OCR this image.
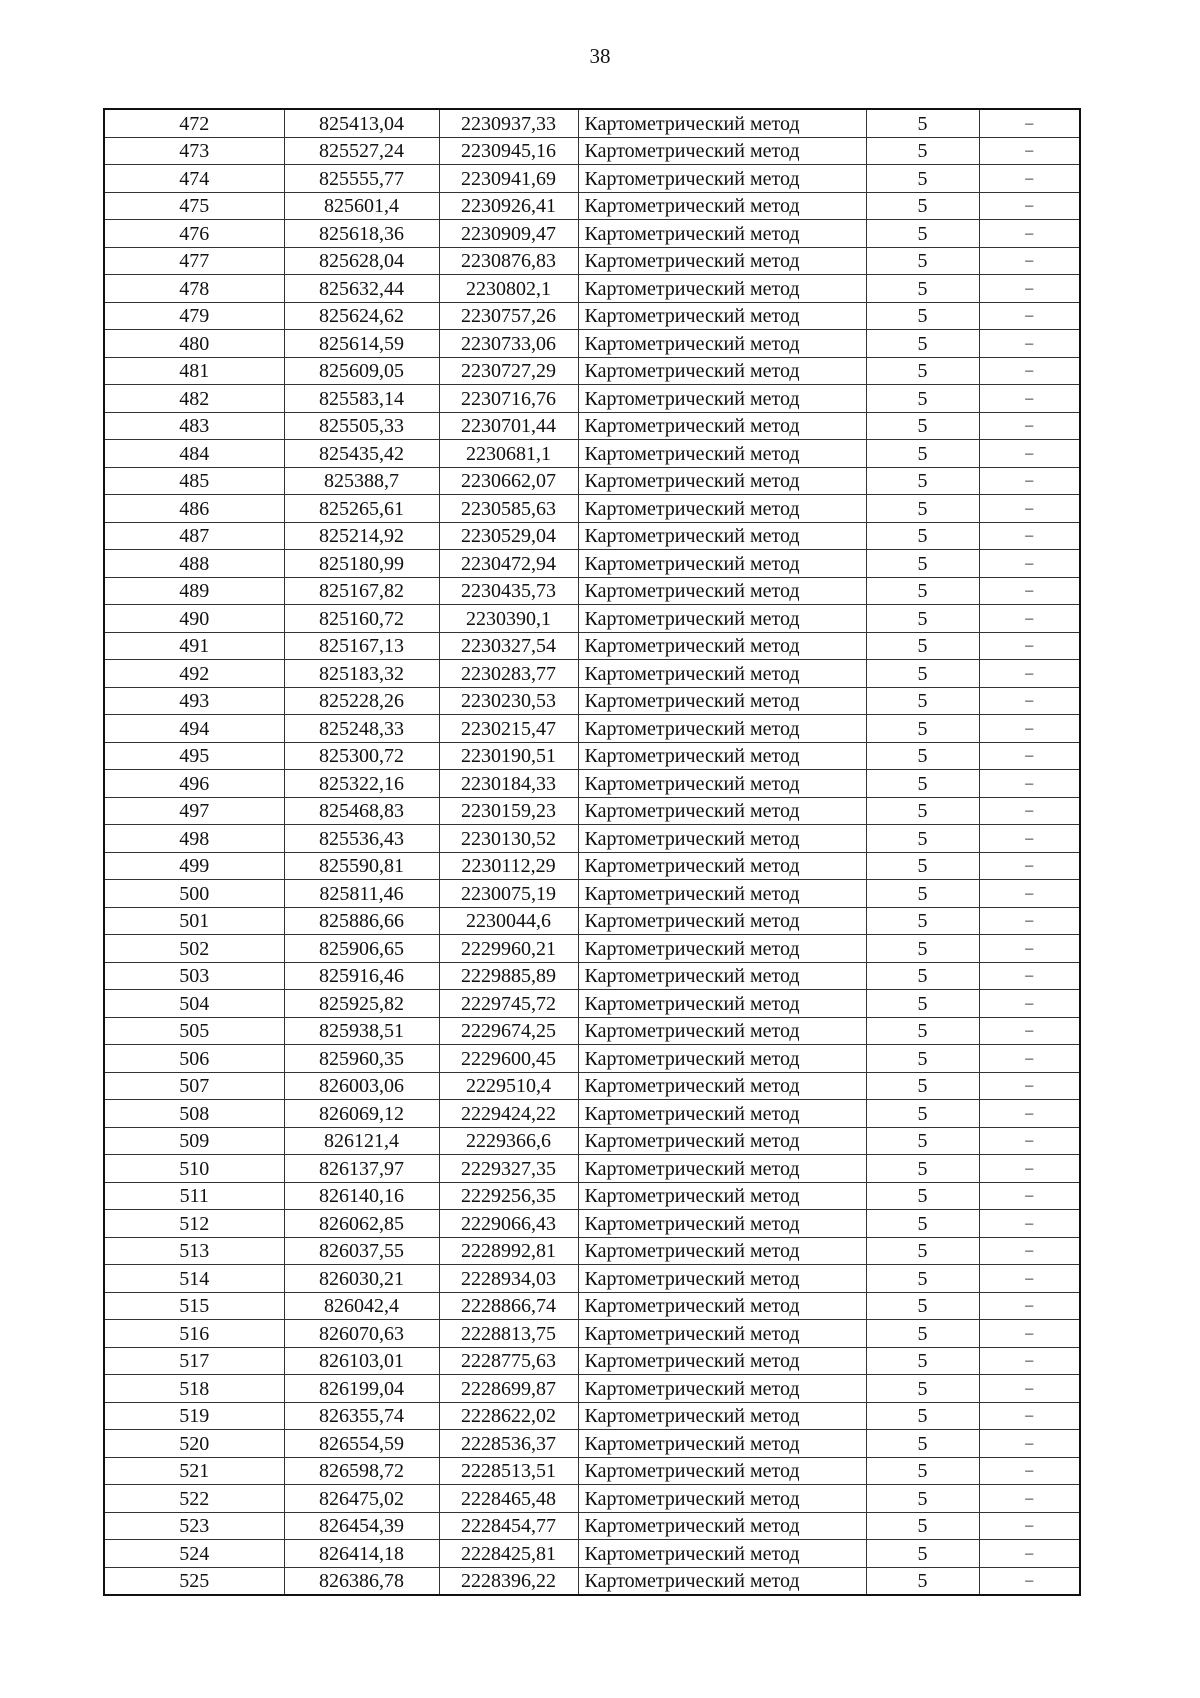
38
472	825413,04	2230937,33	Картометрический метод	5	–
473	825527,24	2230945,16	Картометрический метод	5	–
474	825555,77	2230941,69	Картометрический метод	5	–
475	825601,4	2230926,41	Картометрический метод	5	–
476	825618,36	2230909,47	Картометрический метод	5	–
477	825628,04	2230876,83	Картометрический метод	5	–
478	825632,44	2230802,1	Картометрический метод	5	–
479	825624,62	2230757,26	Картометрический метод	5	–
480	825614,59	2230733,06	Картометрический метод	5	–
481	825609,05	2230727,29	Картометрический метод	5	–
482	825583,14	2230716,76	Картометрический метод	5	–
483	825505,33	2230701,44	Картометрический метод	5	–
484	825435,42	2230681,1	Картометрический метод	5	–
485	825388,7	2230662,07	Картометрический метод	5	–
486	825265,61	2230585,63	Картометрический метод	5	–
487	825214,92	2230529,04	Картометрический метод	5	–
488	825180,99	2230472,94	Картометрический метод	5	–
489	825167,82	2230435,73	Картометрический метод	5	–
490	825160,72	2230390,1	Картометрический метод	5	–
491	825167,13	2230327,54	Картометрический метод	5	–
492	825183,32	2230283,77	Картометрический метод	5	–
493	825228,26	2230230,53	Картометрический метод	5	–
494	825248,33	2230215,47	Картометрический метод	5	–
495	825300,72	2230190,51	Картометрический метод	5	–
496	825322,16	2230184,33	Картометрический метод	5	–
497	825468,83	2230159,23	Картометрический метод	5	–
498	825536,43	2230130,52	Картометрический метод	5	–
499	825590,81	2230112,29	Картометрический метод	5	–
500	825811,46	2230075,19	Картометрический метод	5	–
501	825886,66	2230044,6	Картометрический метод	5	–
502	825906,65	2229960,21	Картометрический метод	5	–
503	825916,46	2229885,89	Картометрический метод	5	–
504	825925,82	2229745,72	Картометрический метод	5	–
505	825938,51	2229674,25	Картометрический метод	5	–
506	825960,35	2229600,45	Картометрический метод	5	–
507	826003,06	2229510,4	Картометрический метод	5	–
508	826069,12	2229424,22	Картометрический метод	5	–
509	826121,4	2229366,6	Картометрический метод	5	–
510	826137,97	2229327,35	Картометрический метод	5	–
511	826140,16	2229256,35	Картометрический метод	5	–
512	826062,85	2229066,43	Картометрический метод	5	–
513	826037,55	2228992,81	Картометрический метод	5	–
514	826030,21	2228934,03	Картометрический метод	5	–
515	826042,4	2228866,74	Картометрический метод	5	–
516	826070,63	2228813,75	Картометрический метод	5	–
517	826103,01	2228775,63	Картометрический метод	5	–
518	826199,04	2228699,87	Картометрический метод	5	–
519	826355,74	2228622,02	Картометрический метод	5	–
520	826554,59	2228536,37	Картометрический метод	5	–
521	826598,72	2228513,51	Картометрический метод	5	–
522	826475,02	2228465,48	Картометрический метод	5	–
523	826454,39	2228454,77	Картометрический метод	5	–
524	826414,18	2228425,81	Картометрический метод	5	–
525	826386,78	2228396,22	Картометрический метод	5	–
